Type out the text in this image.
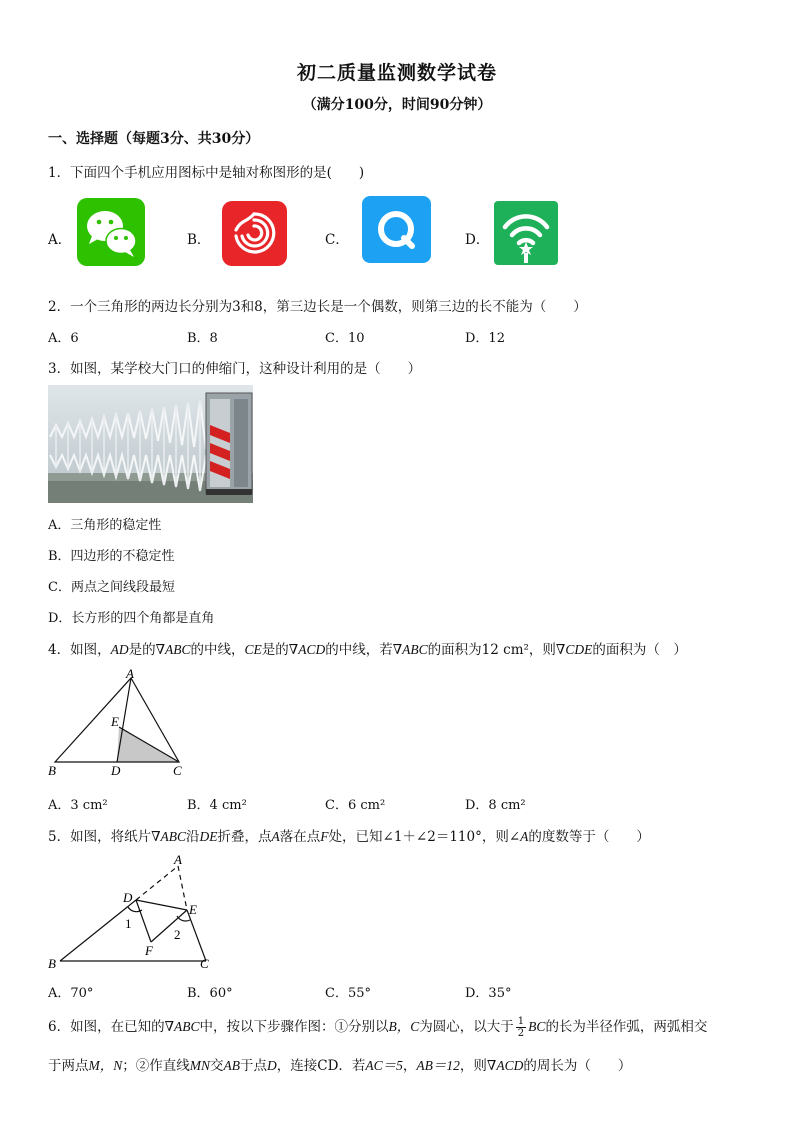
初二质量监测数学试卷
（满分100分，时间90分钟）
一、选择题（每题3分、共30分）
1．下面四个手机应用图标中是轴对称图形的是(　　)
A．	B．	C．	D．
2．一个三角形的两边长分别为3和8，第三边长是一个偶数，则第三边的长不能为（　　）
A．6	B．8	C．10	D．12
3．如图，某学校大门口的伸缩门，这种设计利用的是（　　）
A．三角形的稳定性
B．四边形的不稳定性
C．两点之间线段最短
D．长方形的四个角都是直角
4．如图，AD是的∇ABC的中线，CE是的∇ACD的中线，若∇ABC的面积为12 cm²，则∇CDE的面积为（　）
A
E
B	D	C
A．3 cm²	B．4 cm²	C．6 cm²	D．8 cm²
5．如图，将纸片∇ABC沿DE折叠，点A落在点F处，已知∠1＋∠2＝110°，则∠A的度数等于（　　）
A
D
E
1
2
F
B	C
A．70°	B．60°	C．55°	D．35°
6．如图，在已知的∇ABC中，按以下步骤作图：①分别以B，C为圆心，以大于 $\frac{1}{2}$ BC的长为半径作弧，两弧相交
于两点M，N；②作直线MN交AB于点D，连接CD．若AC＝5，AB＝12，则∇ACD的周长为（　　）
